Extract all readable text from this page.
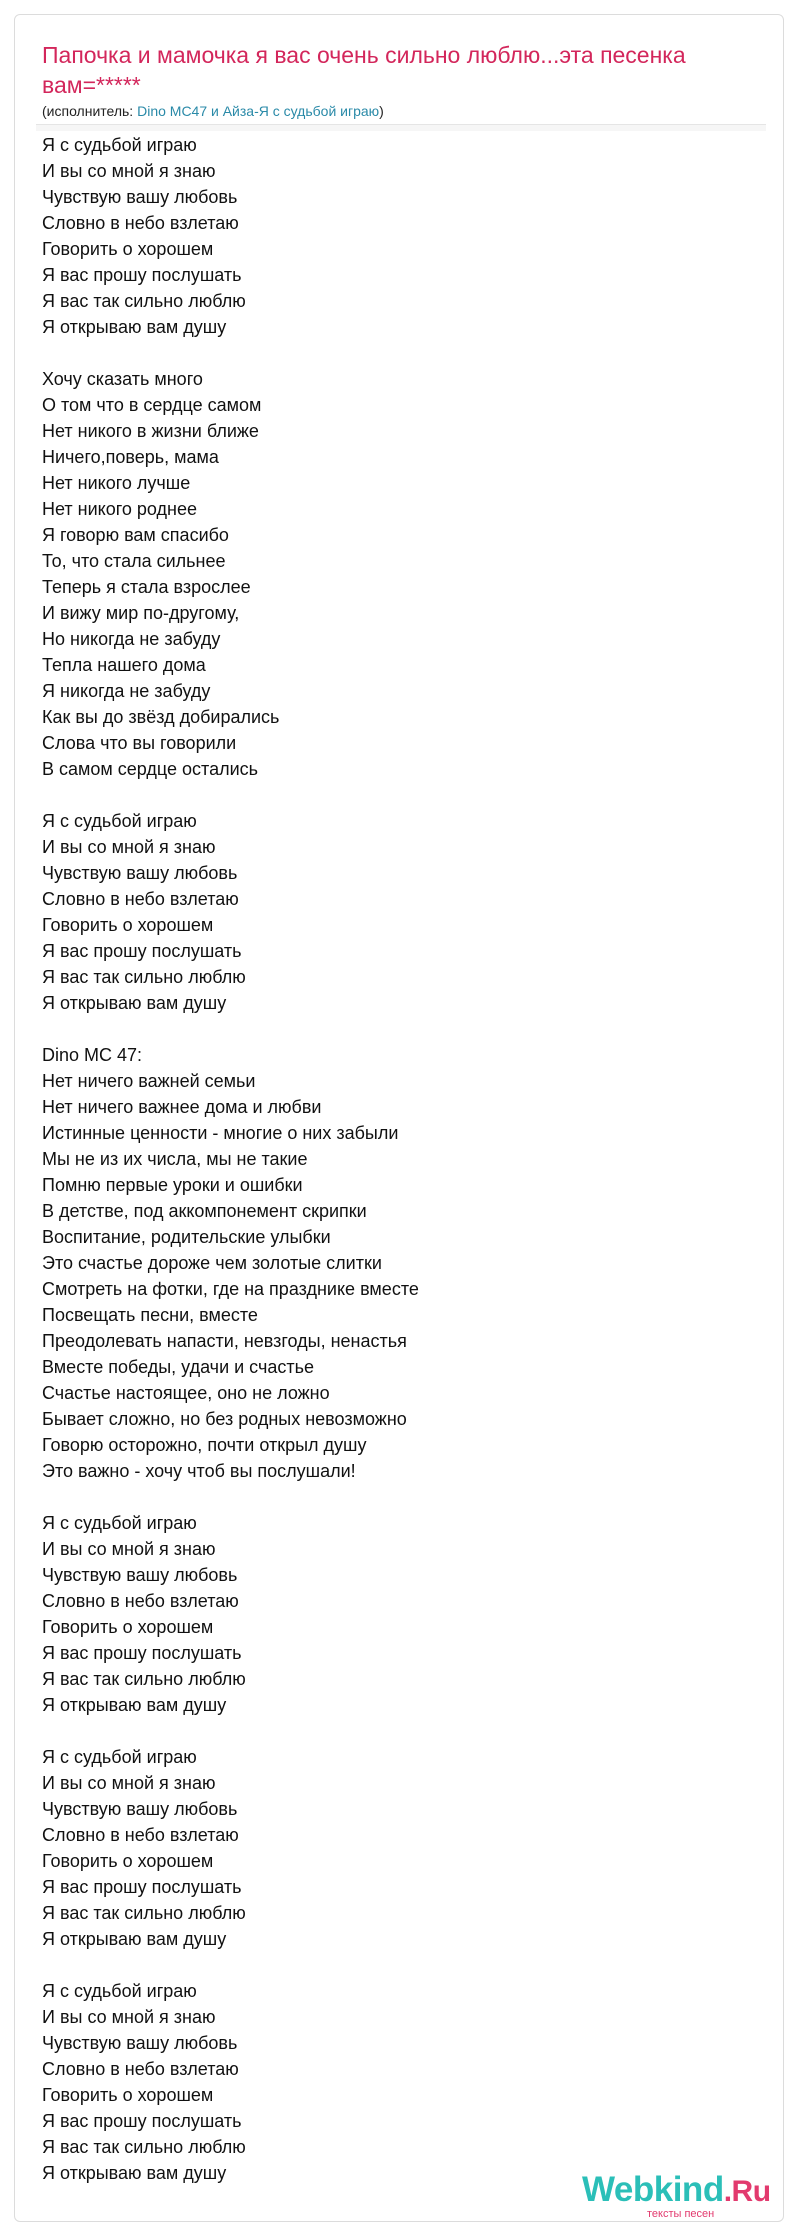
Папочка и мамочка я вас очень сильно люблю...эта песенка вам=*****
(исполнитель: Dino MC47 и Айза-Я с судьбой играю)
Я с судьбой играю
И вы со мной я знаю
Чувствую вашу любовь
Словно в небо взлетаю
Говорить о хорошем
Я вас прошу послушать
Я вас так сильно люблю
Я открываю вам душу
Хочу сказать много
О том что в сердце самом
Нет никого в жизни ближе
Ничего,поверь, мама
Нет никого лучше
Нет никого роднее
Я говорю вам спасибо
То, что стала сильнее
Теперь я стала взрослее
И вижу мир по-другому,
Но никогда не забуду
Тепла нашего дома
Я никогда не забуду
Как вы до звёзд добирались
Слова что вы говорили
В самом сердце остались
Я с судьбой играю
И вы со мной я знаю
Чувствую вашу любовь
Словно в небо взлетаю
Говорить о хорошем
Я вас прошу послушать
Я вас так сильно люблю
Я открываю вам душу
Dino MC 47:
Нет ничего важней семьи
Нет ничего важнее дома и любви
Истинные ценности - многие о них забыли
Мы не из их числа, мы не такие
Помню первые уроки и ошибки
В детстве, под аккомпонемент скрипки
Воспитание, родительские улыбки
Это счастье дороже чем золотые слитки
Смотреть на фотки, где на празднике вместе
Посвещать песни, вместе
Преодолевать напасти, невзгоды, ненастья
Вместе победы, удачи и счастье
Счастье настоящее, оно не ложно
Бывает сложно, но без родных невозможно
Говорю осторожно, почти открыл душу
Это важно - хочу чтоб вы послушали!
Я с судьбой играю
И вы со мной я знаю
Чувствую вашу любовь
Словно в небо взлетаю
Говорить о хорошем
Я вас прошу послушать
Я вас так сильно люблю
Я открываю вам душу
Я с судьбой играю
И вы со мной я знаю
Чувствую вашу любовь
Словно в небо взлетаю
Говорить о хорошем
Я вас прошу послушать
Я вас так сильно люблю
Я открываю вам душу
Я с судьбой играю
И вы со мной я знаю
Чувствую вашу любовь
Словно в небо взлетаю
Говорить о хорошем
Я вас прошу послушать
Я вас так сильно люблю
Я открываю вам душу	Webkind.Ru
тексты песен
